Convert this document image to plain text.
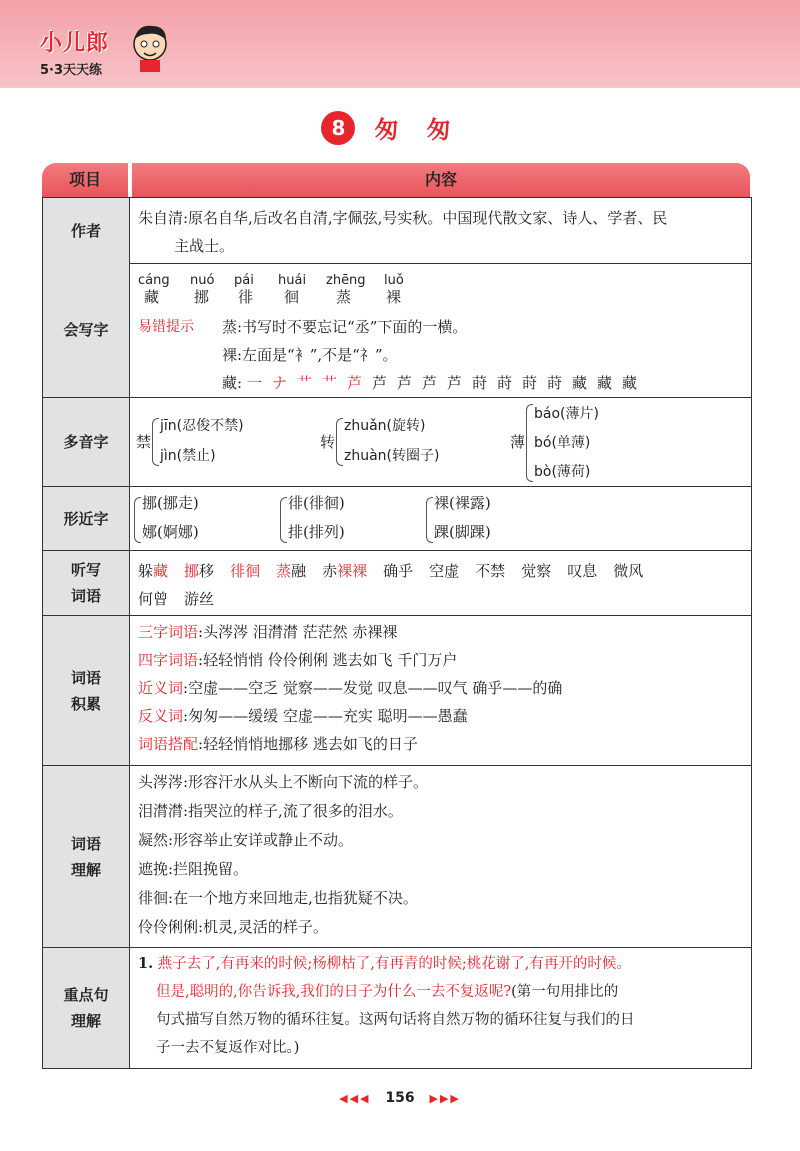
小儿郎
5·3天天练
8 匆匆
项目	内容
作者
朱自清:原名自华,后改名自清,字佩弦,号实秋。中国现代散文家、诗人、学者、民
主战士。
会写字
cáng nuó pái huái zhēng luǒ
藏 挪 徘 徊 蒸 裸
易错提示 蒸:书写时不要忘记“丞”下面的一横。
裸:左面是“衤”,不是“礻”。
藏: 一 ナ 艹 艹 芦 芦 芦 芦 芦 莳 莳 莳 莳 藏 藏 藏
多音字	禁
jīn(忍俊不禁)
jìn(禁止)
转
zhuǎn(旋转)
zhuàn(转圈子)
薄
báo(薄片)
bó(单薄)
bò(薄荷)
形近字
挪(挪走)
娜(婀娜)
徘(徘徊)
排(排列)
裸(裸露)
踝(脚踝)
听写
词语
躲藏 挪移 徘徊 蒸融 赤裸裸 确乎 空虚 不禁 觉察 叹息 微风
何曾 游丝
词语
积累
三字词语:头涔涔 泪潸潸 茫茫然 赤裸裸
四字词语:轻轻悄悄 伶伶俐俐 逃去如飞 千门万户
近义词:空虚——空乏 觉察——发觉 叹息——叹气 确乎——的确
反义词:匆匆——缓缓 空虚——充实 聪明——愚蠢
词语搭配:轻轻悄悄地挪移 逃去如飞的日子
词语
理解
头涔涔:形容汗水从头上不断向下流的样子。
泪潸潸:指哭泣的样子,流了很多的泪水。
凝然:形容举止安详或静止不动。
遮挽:拦阻挽留。
徘徊:在一个地方来回地走,也指犹疑不决。
伶伶俐俐:机灵,灵活的样子。
重点句
理解
1. 燕子去了,有再来的时候;杨柳枯了,有再青的时候;桃花谢了,有再开的时候。
但是,聪明的,你告诉我,我们的日子为什么一去不复返呢?(第一句用排比的
句式描写自然万物的循环往复。这两句话将自然万物的循环往复与我们的日
子一去不复返作对比。)
◀◀◀ 156 ▶▶▶
